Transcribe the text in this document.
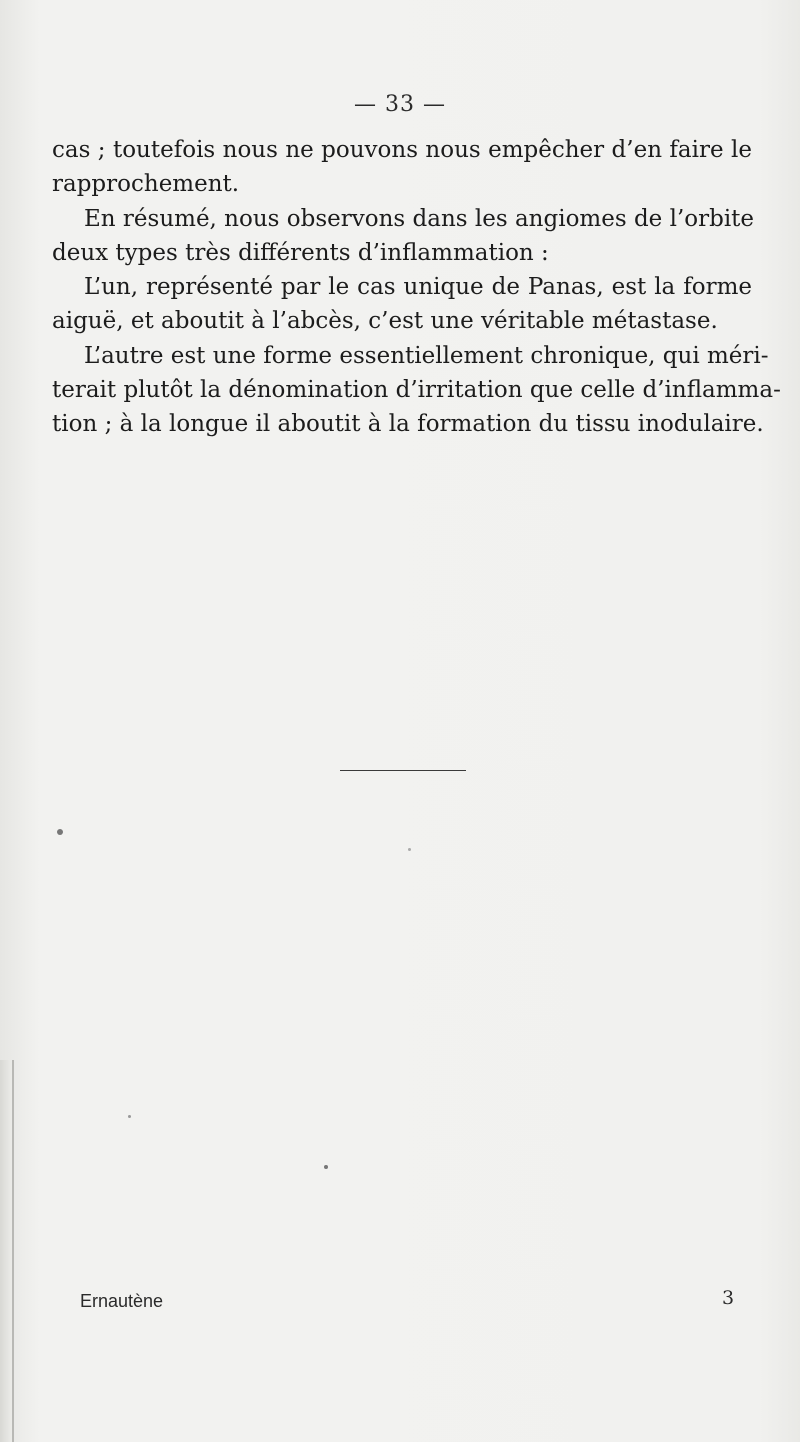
— 33 —
cas ; toutefois nous ne pouvons nous empêcher d’en faire le
rapprochement.
En résumé, nous observons dans les angiomes de l’orbite
deux types très différents d’inflammation :
L’un, représenté par le cas unique de Panas, est la forme
aiguë, et aboutit à l’abcès, c’est une véritable métastase.
L’autre est une forme essentiellement chronique, qui méri-
terait plutôt la dénomination d’irritation que celle d’inflamma-
tion ; à la longue il aboutit à la formation du tissu inodulaire.
Ernautène	3
